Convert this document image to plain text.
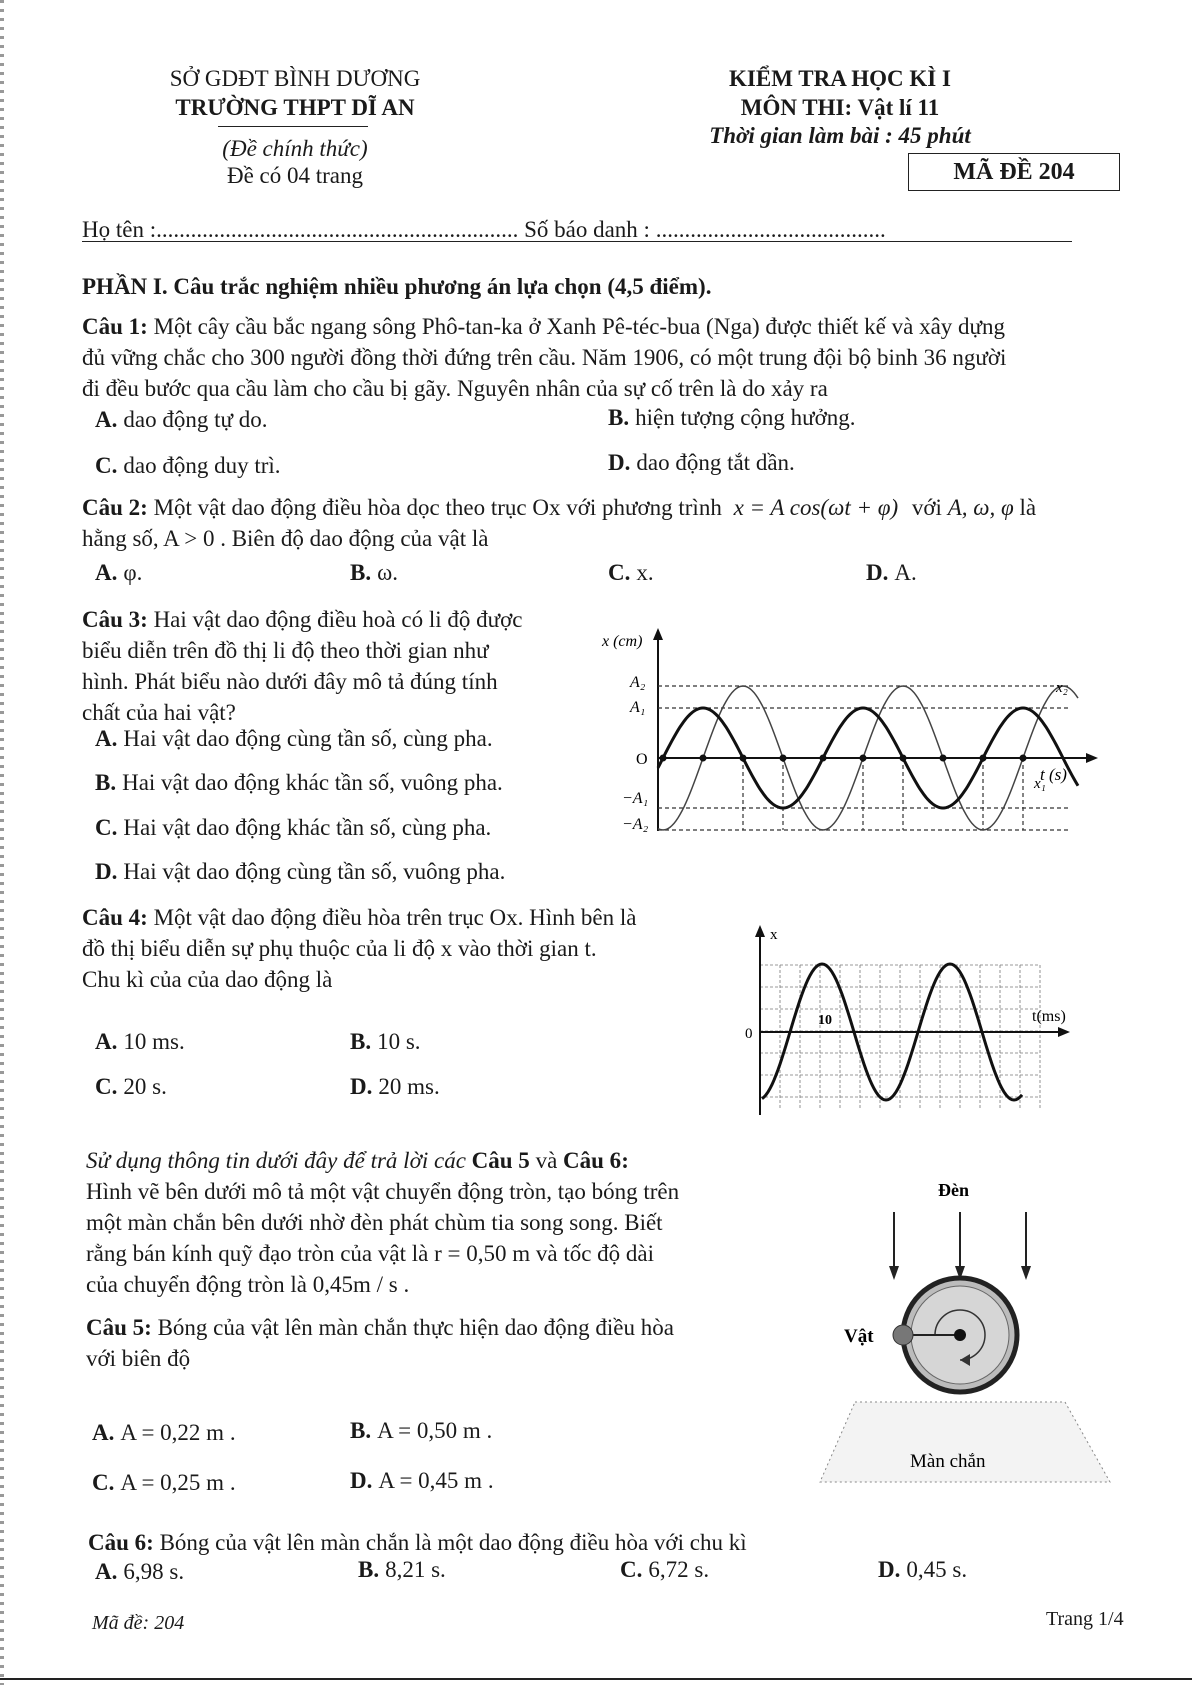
SỞ GDĐT BÌNH DƯƠNG
TRƯỜNG THPT DĨ AN
(Đề chính thức)
Đề có 04 trang
KIỂM TRA HỌC KÌ I
MÔN THI: Vật lí 11
Thời gian làm bài : 45 phút
MÃ ĐỀ 204
Họ tên :............................................................... Số báo danh : ........................................
PHẦN I. Câu trắc nghiệm nhiều phương án lựa chọn (4,5 điểm).
Câu 1: Một cây cầu bắc ngang sông Phô-tan-ka ở Xanh Pê-téc-bua (Nga) được thiết kế và xây dựng
đủ vững chắc cho 300 người đồng thời đứng trên cầu. Năm 1906, có một trung đội bộ binh 36 người
đi đều bước qua cầu làm cho cầu bị gãy. Nguyên nhân của sự cố trên là do xảy ra
A. dao động tự do.	B. hiện tượng cộng hưởng.
C. dao động duy trì.	D. dao động tắt dần.
Câu 2: Một vật dao động điều hòa dọc theo trục Ox với phương trình x = A cos(ωt + φ) với A, ω, φ là
hằng số, A > 0 . Biên độ dao động của vật là
A. φ.	B. ω.	C. x.	D. A.
Câu 3: Hai vật dao động điều hoà có li độ được
biểu diễn trên đồ thị li độ theo thời gian như
hình. Phát biểu nào dưới đây mô tả đúng tính
chất của hai vật?
A. Hai vật dao động cùng tần số, cùng pha.
B. Hai vật dao động khác tần số, vuông pha.
C. Hai vật dao động khác tần số, cùng pha.
D. Hai vật dao động cùng tần số, vuông pha.
x (cm)
t (s)
A₂
A₁
O
−A₁
−A₂
x₂
x₁
Câu 4: Một vật dao động điều hòa trên trục Ox. Hình bên là
đồ thị biểu diễn sự phụ thuộc của li độ x vào thời gian t.
Chu kì của của dao động là
A. 10 ms.	B. 10 s.
C. 20 s.	D. 20 ms.
x
t(ms)
10
0
Sử dụng thông tin dưới đây để trả lời các Câu 5 và Câu 6:
Hình vẽ bên dưới mô tả một vật chuyển động tròn, tạo bóng trên
một màn chắn bên dưới nhờ đèn phát chùm tia song song. Biết
rằng bán kính quỹ đạo tròn của vật là r = 0,50 m và tốc độ dài
của chuyển động tròn là 0,45m / s .
Câu 5: Bóng của vật lên màn chắn thực hiện dao động điều hòa
với biên độ
A. A = 0,22 m .	B. A = 0,50 m .
C. A = 0,25 m .	D. A = 0,45 m .
Đèn
Vật
Màn chắn
Câu 6: Bóng của vật lên màn chắn là một dao động điều hòa với chu kì
A. 6,98 s.	B. 8,21 s.	C. 6,72 s.	D. 0,45 s.
Mã đề: 204	Trang 1/4
